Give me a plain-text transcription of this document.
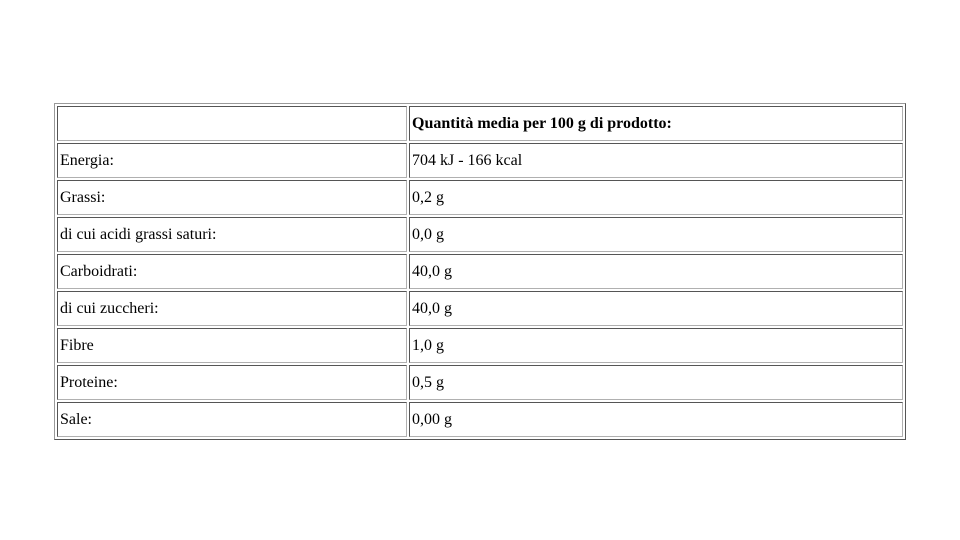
	Quantità media per 100 g di prodotto:
Energia:	704 kJ - 166 kcal
Grassi:	0,2 g
di cui acidi grassi saturi:	0,0 g
Carboidrati:	40,0 g
di cui zuccheri:	40,0 g
Fibre	1,0 g
Proteine:	0,5 g
Sale:	0,00 g
